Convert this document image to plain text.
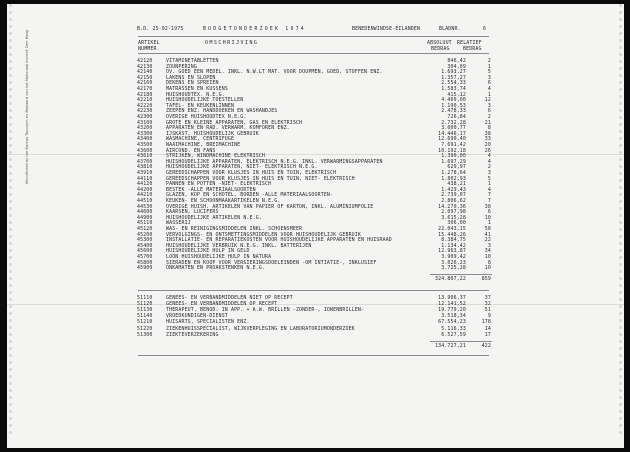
Microfiched by the Bureau Toponym en Bewaard van het Nationaal Archief, Den Haag
B.D. 25-02-1975	BUDGETONDERZOEK 1974	BENEDENWINDSE-EILANDEN	BLADNR.	6
ARTIKEL
NUMMER
OMSCHRIJVING	ABSOLUUT
BEDRAG
RELATIEF
BEDRAG
42120	VITAMINETABLETTEN	846,42	2
42130	ZOUNPERING	304,09	1
42140	OV. GOED EEN MEDEL. INKL. N.W.LT MAT. VOOR DOUPMEN, GOED. STOFFEN ENZ.	1.693,27	5
42150	LAKENS EN SLOPEN	1.357,27	3
42160	DEKENS EN SPREIEN	2.554,33	6
42170	MATRASSEN EN KUSSENS	1.583,74	4
42180	HUISHOUDTEX. N.E.G.	415,12	1
42210	HUISHOUDELIJKE TOESTELLEN	4.469,00	12
42220	TAFEL- EN KEUKENLINNEN	1.190,53	3
42230	ZEEPEN ENZ. HANDDOEKEN EN WASHANDJES	2.478,33	6
42300	OVERIGE HUISHOUDTEX N.E.G.	726,84	2
43100	GROTE EN KLEINE APPARATEN, GAS EN ELEKTRISCH	2.732,28	21
43200	APPARATEN EN RAD. VERWARM. KOMFOREN ENZ.	3.000,77	8
43300	IJSKAST, HUISHOUDELIJK GEBRUIK	14.446,17	38
43400	WASMACHINE, CENTRIFUGE	12.690,40	33
43500	NAAIMACHINE, BREIMACHINE	7.691,42	20
43600	AIRCOND. EN FANS	10.192,18	26
43610	STRIJKEN, WINDMACHINE ELEKTRISCH	1.390,00	4
43700	HUISHOUDELIJKE APPARATEN, ELEKTRISCH N.E.G. INKL. VERWARMINGSAPPARATEN	1.697,29	4
43810	HUISHOUDELIJKE APPARATEN, NIET- ELEKTRISCH N.E.G.	629,97	2
43910	GEREEDSCHAPPEN VOOR KLUSJES IN HUIS EN TUIN, ELEKTRISCH	1.278,64	3
44110	GEREEDSCHAPPEN VOOR KLUSJES IN HUIS EN TUIN, NIET- ELEKTRISCH	1.802,93	5
44120	PANNEN EN POTTEN -NIET- ELEKTRISCH	438,21	1
44200	BESTEK -ALLE MATERIAALSOORTEN	1.429,43	4
44210	GLAZEN, KOP EN SCHOTEL, BORDEN -ALLE MATERIAALSOORTEN-	2.739,07	7
44510	KEUKEN- EN SCHOONMAAKARTIKELEN N.E.G.	2.806,62	7
44530	OVERIGE HUISH. ARTIKELEN VAN PAPIER OF KARTON, INKL. ALUMINIUMFOLIE	14.270,36	38
44600	KAARSEN, LUCIFERS	2.097,98	6
44900	HUISHOUDELIJKE ARTIKELEN N.E.G.	3.615,28	10
45110	WASSERIJ	306,00	1
45120	WAS- EN REINIGINGSMIDDELEN INKL. SCHOENSMEER	22.043,15	58
45200	VERVOLGINGS- EN ONTSMETTINGSMIDDELEN VOOR HUISHOUDELIJK GEBRUIK	15.448,26	41
45300	INSTALLATIE- EN REPARATIEKOSTEN VOOR HUISHOUDELIJKE APPARATEN EN HUISRAAD	8.384,75	22
45400	HUISHOUDELIJKE VERBRUIK N.E.G. INKL. BATTERIJEN	1.134,42	3
45600	HUISHOUDELIJKE HULP IN GELD	12.963,87	34
45700	LOON HUISHOUDELIJKE HULP IN NATURA	3.909,42	10
45800	SIERADEN EN KOOP VOOR VERSIERINGSDOELEINDEN -OM INTIATIE-, INKLUSIEF	3.026,23	8
45900	ONKAMATEN EN PROAKSTENKEN N.E.G.	3.725,28	10
324.807,22	859
51110	GENEES- EN VERBANDMIDDELEN NIET OP RECEPT	13.906,37	37
51120	GENEES- EN VERBANDMIDDELEN OP RECEPT	12.141,52	32
51130	THERAPEUT. BENOD. IN APP. + A.W. BRILLEN -ZONDER-, IONENBRILLEN-	19.779,20	51
51140	VROEDKUNDIGEN-DIENST	3.518,34	9
51210	HUISARTS, SPECIALISTEN ENZ.	67.554,23	178
51220	ZIEKENHUISSPECIALIST, WIJKVERPLEGING EN LABORATORIUMONDERZOEK	5.116,33	14
51300	ZIEKTEVERZEKERING	6.527,59	17
134.727,21	422
